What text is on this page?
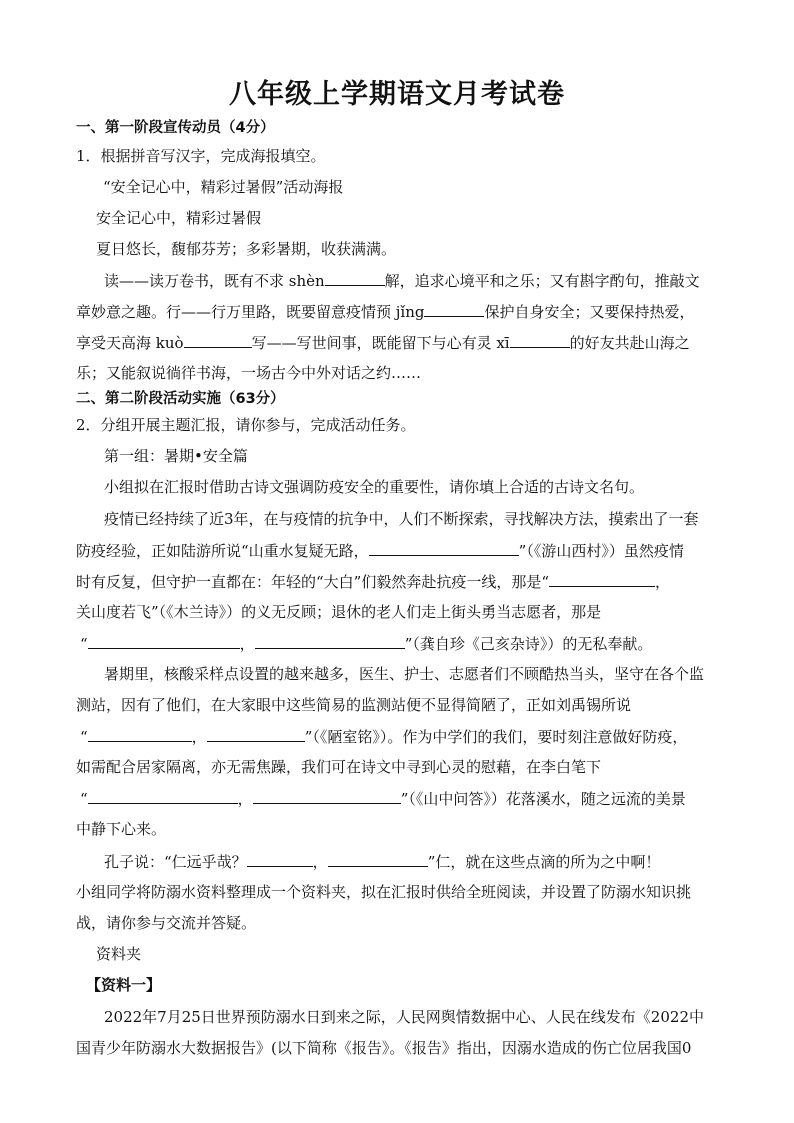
八年级上学期语文月考试卷
一、第一阶段宣传动员（4分）
1．根据拼音写汉字，完成海报填空。
“安全记心中，精彩过暑假”活动海报
安全记心中，精彩过暑假
夏日悠长，馥郁芬芳；多彩暑期，收获满满。
读——读万卷书，既有不求 shèn	解，追求心境平和之乐；又有斟字酌句，推敲文
章妙意之趣。行——行万里路，既要留意疫情预 jǐng	保护自身安全；又要保持热爱，
享受天高海 kuò	写——写世间事，既能留下与心有灵 xī	的好友共赴山海之
乐；又能叙说徜徉书海，一场古今中外对话之约……
二、第二阶段活动实施（63分）
2．分组开展主题汇报，请你参与，完成活动任务。
第一组：暑期•安全篇
小组拟在汇报时借助古诗文强调防疫安全的重要性，请你填上合适的古诗文名句。
疫情已经持续了近3年，在与疫情的抗争中，人们不断探索，寻找解决方法，摸索出了一套
防疫经验，正如陆游所说“山重水复疑无路，	”（《游山西村》）虽然疫情
时有反复，但守护一直都在：年轻的“大白”们毅然奔赴抗疫一线，那是“	，
关山度若飞”（《木兰诗》）的义无反顾；退休的老人们走上街头勇当志愿者，那是
“	，	”（龚自珍《己亥杂诗》）的无私奉献。
暑期里，核酸采样点设置的越来越多，医生、护士、志愿者们不顾酷热当头，坚守在各个监
测站，因有了他们，在大家眼中这些简易的监测站便不显得简陋了，正如刘禹锡所说
“	，	”（《陋室铭》）。作为中学们的我们，要时刻注意做好防疫，
如需配合居家隔离，亦无需焦躁，我们可在诗文中寻到心灵的慰藉，在李白笔下
“	，	”（《山中问答》）花落溪水，随之远流的美景
中静下心来。
孔子说：“仁远乎哉？	，	”仁，就在这些点滴的所为之中啊！
小组同学将防溺水资料整理成一个资料夹，拟在汇报时供给全班阅读，并设置了防溺水知识挑
战，请你参与交流并答疑。
资料夹
【资料一】
2022年7月25日世界预防溺水日到来之际，人民网舆情数据中心、人民在线发布《2022中
国青少年防溺水大数据报告》(以下简称《报告》。《报告》指出，因溺水造成的伤亡位居我国0
